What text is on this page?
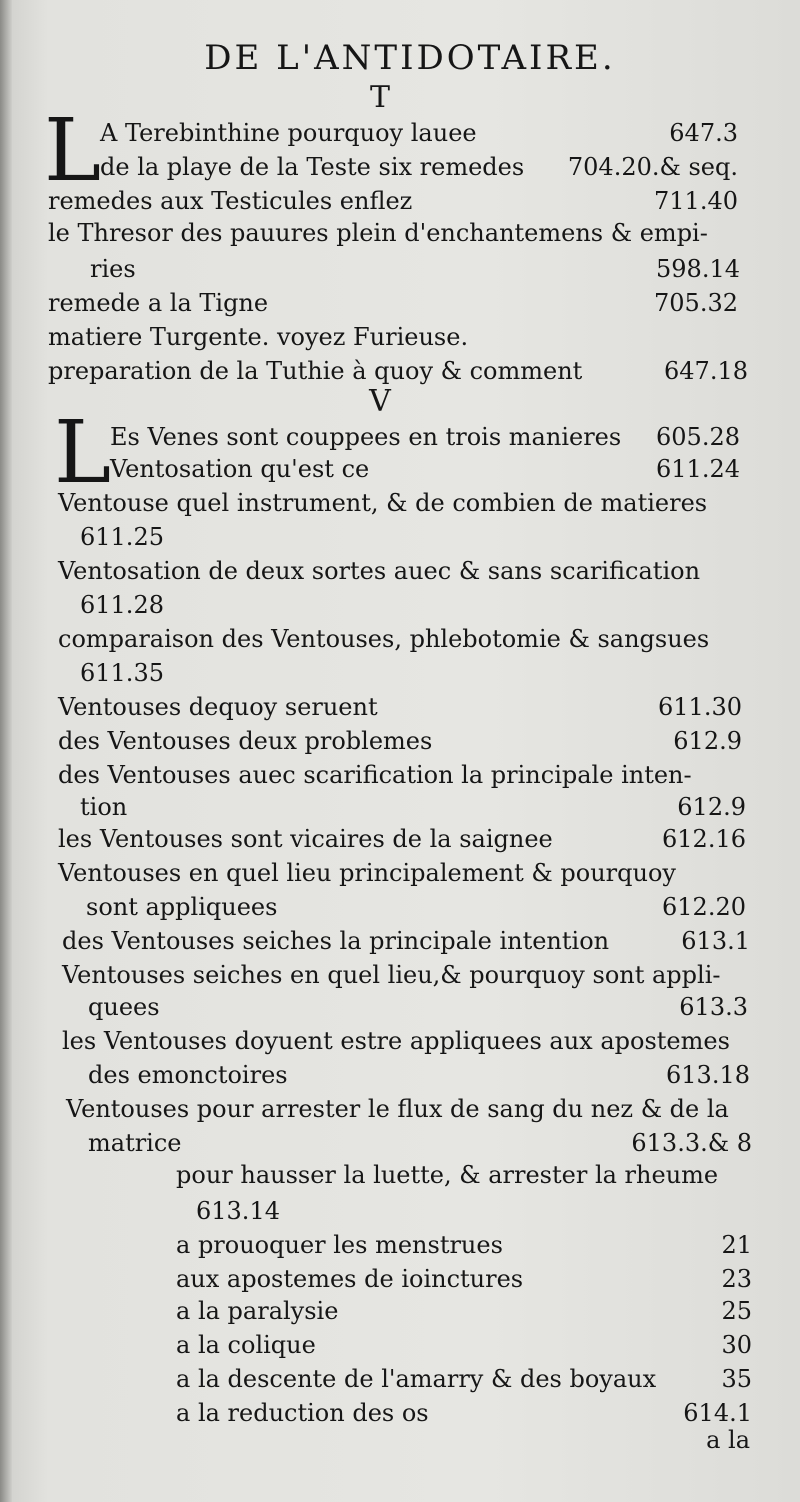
DE L'ANTIDOTAIRE.
T
L
A Terebinthine pourquoy lauee	647.3
de la playe de la Teste six remedes 704.20.& seq.
remedes aux Testicules enflez	711.40
le Thresor des pauures plein d'enchantemens & empi-
ries	598.14
remede a la Tigne	705.32
matiere Turgente. voyez Furieuse.
preparation de la Tuthie à quoy & comment	647.18
V
L
Es Venes sont couppees en trois manieres 605.28
Ventosation qu'est ce	611.24
Ventouse quel instrument, & de combien de matieres
611.25
Ventosation de deux sortes auec & sans scarification
611.28
comparaison des Ventouses, phlebotomie & sangsues
611.35
Ventouses dequoy seruent	611.30
des Ventouses deux problemes	612.9
des Ventouses auec scarification la principale inten-
tion	612.9
les Ventouses sont vicaires de la saignee	612.16
Ventouses en quel lieu principalement & pourquoy
sont appliquees	612.20
des Ventouses seiches la principale intention	613.1
Ventouses seiches en quel lieu,& pourquoy sont appli-
quees	613.3
les Ventouses doyuent estre appliquees aux apostemes
des emonctoires	613.18
Ventouses pour arrester le flux de sang du nez & de la
matrice	613.3.& 8
pour hausser la luette, & arrester la rheume
613.14
a prouoquer les menstrues	21
aux apostemes de ioinctures	23
a la paralysie	25
a la colique	30
a la descente de l'amarry & des boyaux	35
a la reduction des os	614.1
a la
